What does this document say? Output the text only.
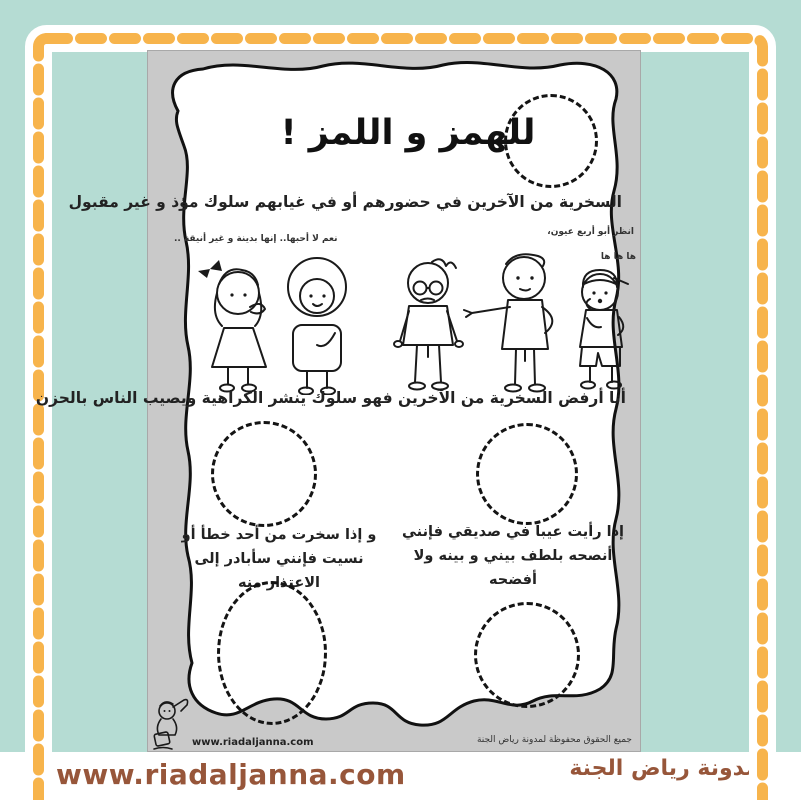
www.riadaljanna.com	مدونة رياض الجنة
للهمز و اللمز !
السخرية من الآخرين في حضورهم أو في غيابهم سلوك مؤذ و غير مقبول
نعم لا أحبها.. إنها بدينة و غير أنيقة ..
انظر أبو أربع عيون،
ها ها ها
أنا أرفض السخرية من الآخرين فهو سلوك ينشر الكراهية ويصيب الناس بالحزن
إذا رأيت عيباً في صديقي فإنني أنصحه بلطف بيني و بينه ولا أفضحه
و إذا سخرت من أحد خطأ أو نسيت فإنني سأبادر إلى الاعتذار منه
www.riadaljanna.com	جميع الحقوق محفوظة لمدونة رياض الجنة
